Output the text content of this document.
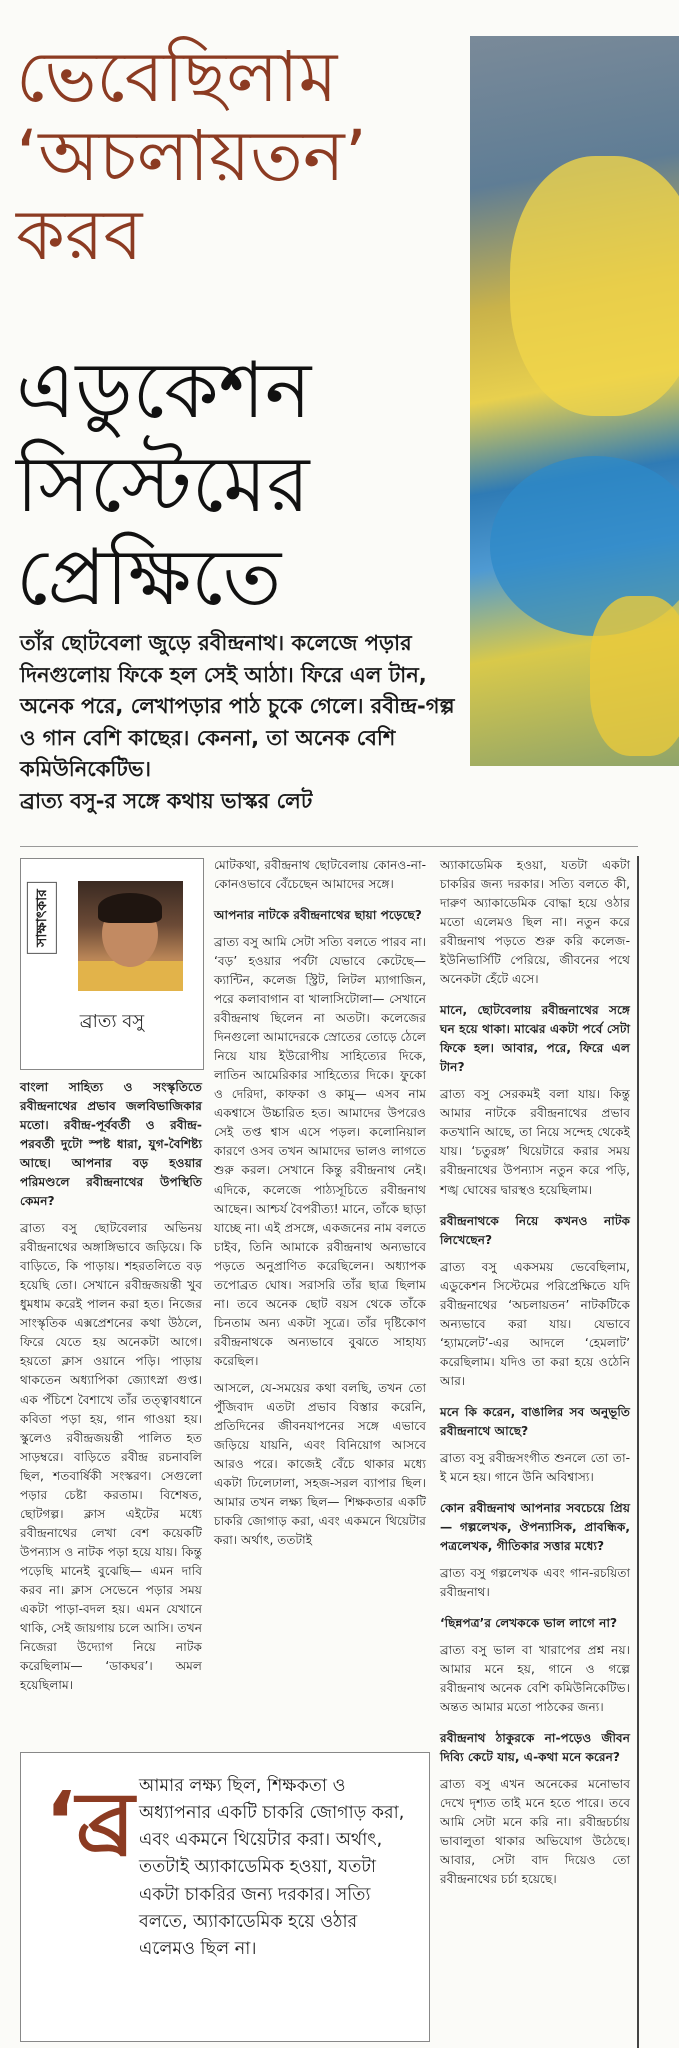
ভেবেছিলাম
‘অচলায়তন’
করব
এডুকেশন
সিস্টেমের
প্রেক্ষিতে
তাঁর ছোটবেলা জুড়ে রবীন্দ্রনাথ। কলেজে পড়ার দিনগুলোয় ফিকে হল সেই আঠা। ফিরে এল টান, অনেক পরে, লেখাপড়ার পাঠ চুকে গেলে। রবীন্দ্র-গল্প ও গান বেশি কাছের। কেননা, তা অনেক বেশি কমিউনিকেটিভ।
ব্রাত্য বসু-র সঙ্গে কথায় ভাস্কর লেট
সাক্ষাৎকার
ব্রাত্য বসু

বাংলা সাহিত্য ও সংস্কৃতিতে রবীন্দ্রনাথের প্রভাব জলবিভাজিকার মতো। রবীন্দ্র-পূর্ববর্তী ও রবীন্দ্র-পরবর্তী দুটো স্পষ্ট ধারা, যুগ-বৈশিষ্ট্য আছে। আপনার বড় হওয়ার পরিমণ্ডলে রবীন্দ্রনাথের উপস্থিতি কেমন?

ব্রাত্য বসু ছোটবেলার অভিনয় রবীন্দ্রনাথের অঙ্গাঙ্গিভাবে জড়িয়ে। কি বাড়িতে, কি পাড়ায়। শহরতলিতে বড় হয়েছি তো। সেখানে রবীন্দ্রজয়ন্তী খুব ধুমধাম করেই পালন করা হত। নিজের সাংস্কৃতিক এক্সপ্রেশনের কথা উঠলে, ফিরে যেতে হয় অনেকটা আগে। হয়তো ক্লাস ওয়ানে পড়ি। পাড়ায় থাকতেন অধ্যাপিকা জ্যোৎস্না গুপ্ত। এক পঁচিশে বৈশাখে তাঁর তত্ত্বাবধানে কবিতা পড়া হয়, গান গাওয়া হয়। স্কুলেও রবীন্দ্রজয়ন্তী পালিত হত সাড়ম্বরে। বাড়িতে রবীন্দ্র রচনাবলি ছিল, শতবার্ষিকী সংস্করণ। সেগুলো পড়ার চেষ্টা করতাম। বিশেষত, ছোটগল্প। ক্লাস এইটের মধ্যে রবীন্দ্রনাথের লেখা বেশ কয়েকটি উপন্যাস ও নাটক পড়া হয়ে যায়। কিন্তু পড়েছি মানেই বুঝেছি— এমন দাবি করব না। ক্লাস সেভেনে পড়ার সময় একটা পাড়া-বদল হয়। এমন যেখানে থাকি, সেই জায়গায় চলে আসি। তখন নিজেরা উদ্যোগ নিয়ে নাটক করেছিলাম— ‘ডাকঘর’। অমল হয়েছিলাম।

মোটকথা, রবীন্দ্রনাথ ছোটবেলায় কোনও-না-কোনওভাবে বেঁচেছেন আমাদের সঙ্গে।

আপনার নাটকে রবীন্দ্রনাথের ছায়া পড়েছে?

ব্রাত্য বসু আমি সেটা সত্যি বলতে পারব না। ‘বড়’ হওয়ার পর্বটা যেভাবে কেটেছে— ক্যান্টিন, কলেজ স্ট্রিট, লিটল ম্যাগাজিন, পরে কলাবাগান বা খালাসিটোলা— সেখানে রবীন্দ্রনাথ ছিলেন না অতটা। কলেজের দিনগুলো আমাদেরকে স্রোতের তোড়ে ঠেলে নিয়ে যায় ইউরোপীয় সাহিত্যের দিকে, লাতিন আমেরিকার সাহিত্যের দিকে। ফুকো ও দেরিদা, কাফকা ও কামু— এসব নাম একশ্বাসে উচ্চারিত হত। আমাদের উপরেও সেই তপ্ত শ্বাস এসে পড়ল। কলোনিয়াল কারণে ওসব তখন আমাদের ভালও লাগতে শুরু করল। সেখানে কিন্তু রবীন্দ্রনাথ নেই। এদিকে, কলেজে পাঠ্যসূচিতে রবীন্দ্রনাথ আছেন। আশ্চর্য বৈপরীত্য! মানে, তাঁকে ছাড়া যাচ্ছে না। এই প্রসঙ্গে, একজনের নাম বলতে চাইব, তিনি আমাকে রবীন্দ্রনাথ অন্যভাবে পড়তে অনুপ্রাণিত করেছিলেন। অধ্যাপক তপোব্রত ঘোষ। সরাসরি তাঁর ছাত্র ছিলাম না। তবে অনেক ছোট বয়স থেকে তাঁকে চিনতাম অন্য একটা সূত্রে। তাঁর দৃষ্টিকোণ রবীন্দ্রনাথকে অন্যভাবে বুঝতে সাহায্য করেছিল।

আসলে, যে-সময়ের কথা বলছি, তখন তো পুঁজিবাদ এতটা প্রভাব বিস্তার করেনি, প্রতিদিনের জীবনযাপনের সঙ্গে এভাবে জড়িয়ে যায়নি, এবং বিনিয়োগ আসবে আরও পরে। কাজেই বেঁচে থাকার মধ্যে একটা ঢিলেঢালা, সহজ-সরল ব্যাপার ছিল। আমার তখন লক্ষ্য ছিল— শিক্ষকতার একটি চাকরি জোগাড় করা, এবং একমনে থিয়েটার করা। অর্থাৎ, ততটাই

অ্যাকাডেমিক হওয়া, যতটা একটা চাকরির জন্য দরকার। সত্যি বলতে কী, দারুণ অ্যাকাডেমিক বোদ্ধা হয়ে ওঠার মতো এলেমও ছিল না। নতুন করে রবীন্দ্রনাথ পড়তে শুরু করি কলেজ-ইউনিভার্সিটি পেরিয়ে, জীবনের পথে অনেকটা হেঁটে এসে।

মানে, ছোটবেলায় রবীন্দ্রনাথের সঙ্গে ঘন হয়ে থাকা। মাঝের একটা পর্বে সেটা ফিকে হল। আবার, পরে, ফিরে এল টান?

ব্রাত্য বসু সেরকমই বলা যায়। কিন্তু আমার নাটকে রবীন্দ্রনাথের প্রভাব কতখানি আছে, তা নিয়ে সন্দেহ থেকেই যায়। ‘চতুরঙ্গ’ থিয়েটারে করার সময় রবীন্দ্রনাথের উপন্যাস নতুন করে পড়ি, শঙ্খ ঘোষের দ্বারস্থও হয়েছিলাম।

রবীন্দ্রনাথকে নিয়ে কখনও নাটক লিখেছেন?

ব্রাত্য বসু একসময় ভেবেছিলাম, এডুকেশন সিস্টেমের পরিপ্রেক্ষিতে যদি রবীন্দ্রনাথের ‘অচলায়তন’ নাটকটিকে অন্যভাবে করা যায়। যেভাবে ‘হ্যামলেট’-এর আদলে ‘হেমলাট’ করেছিলাম। যদিও তা করা হয়ে ওঠেনি আর।

মনে কি করেন, বাঙালির সব অনুভূতি রবীন্দ্রনাথে আছে?

ব্রাত্য বসু রবীন্দ্রসংগীত শুনলে তো তা-ই মনে হয়। গানে উনি অবিশ্বাস্য।

কোন রবীন্দ্রনাথ আপনার সবচেয়ে প্রিয়— গল্পলেখক, ঔপন্যাসিক, প্রাবন্ধিক, পত্রলেখক, গীতিকার সত্তার মধ্যে?

ব্রাত্য বসু গল্পলেখক এবং গান-রচয়িতা রবীন্দ্রনাথ।

‘ছিন্নপত্র’র লেখককে ভাল লাগে না?

ব্রাত্য বসু ভাল বা খারাপের প্রশ্ন নয়। আমার মনে হয়, গানে ও গল্পে রবীন্দ্রনাথ অনেক বেশি কমিউনিকেটিভ। অন্তত আমার মতো পাঠকের জন্য।

রবীন্দ্রনাথ ঠাকুরকে না-পড়েও জীবন দিব্যি কেটে যায়, এ-কথা মনে করেন?

ব্রাত্য বসু এখন অনেকের মনোভাব দেখে দৃশ্যত তাই মনে হতে পারে। তবে আমি সেটা মনে করি না। রবীন্দ্রচর্চায় ভাবালুতা থাকার অভিযোগ উঠেছে। আবার, সেটা বাদ দিয়েও তো রবীন্দ্রনাথের চর্চা হয়েছে।

‘ব্র আমার লক্ষ্য ছিল, শিক্ষকতা ও অধ্যাপনার একটি চাকরি জোগাড় করা, এবং একমনে থিয়েটার করা। অর্থাৎ, ততটাই অ্যাকাডেমিক হওয়া, যতটা একটা চাকরির জন্য দরকার। সত্যি বলতে, অ্যাকাডেমিক হয়ে ওঠার এলেমও ছিল না।
